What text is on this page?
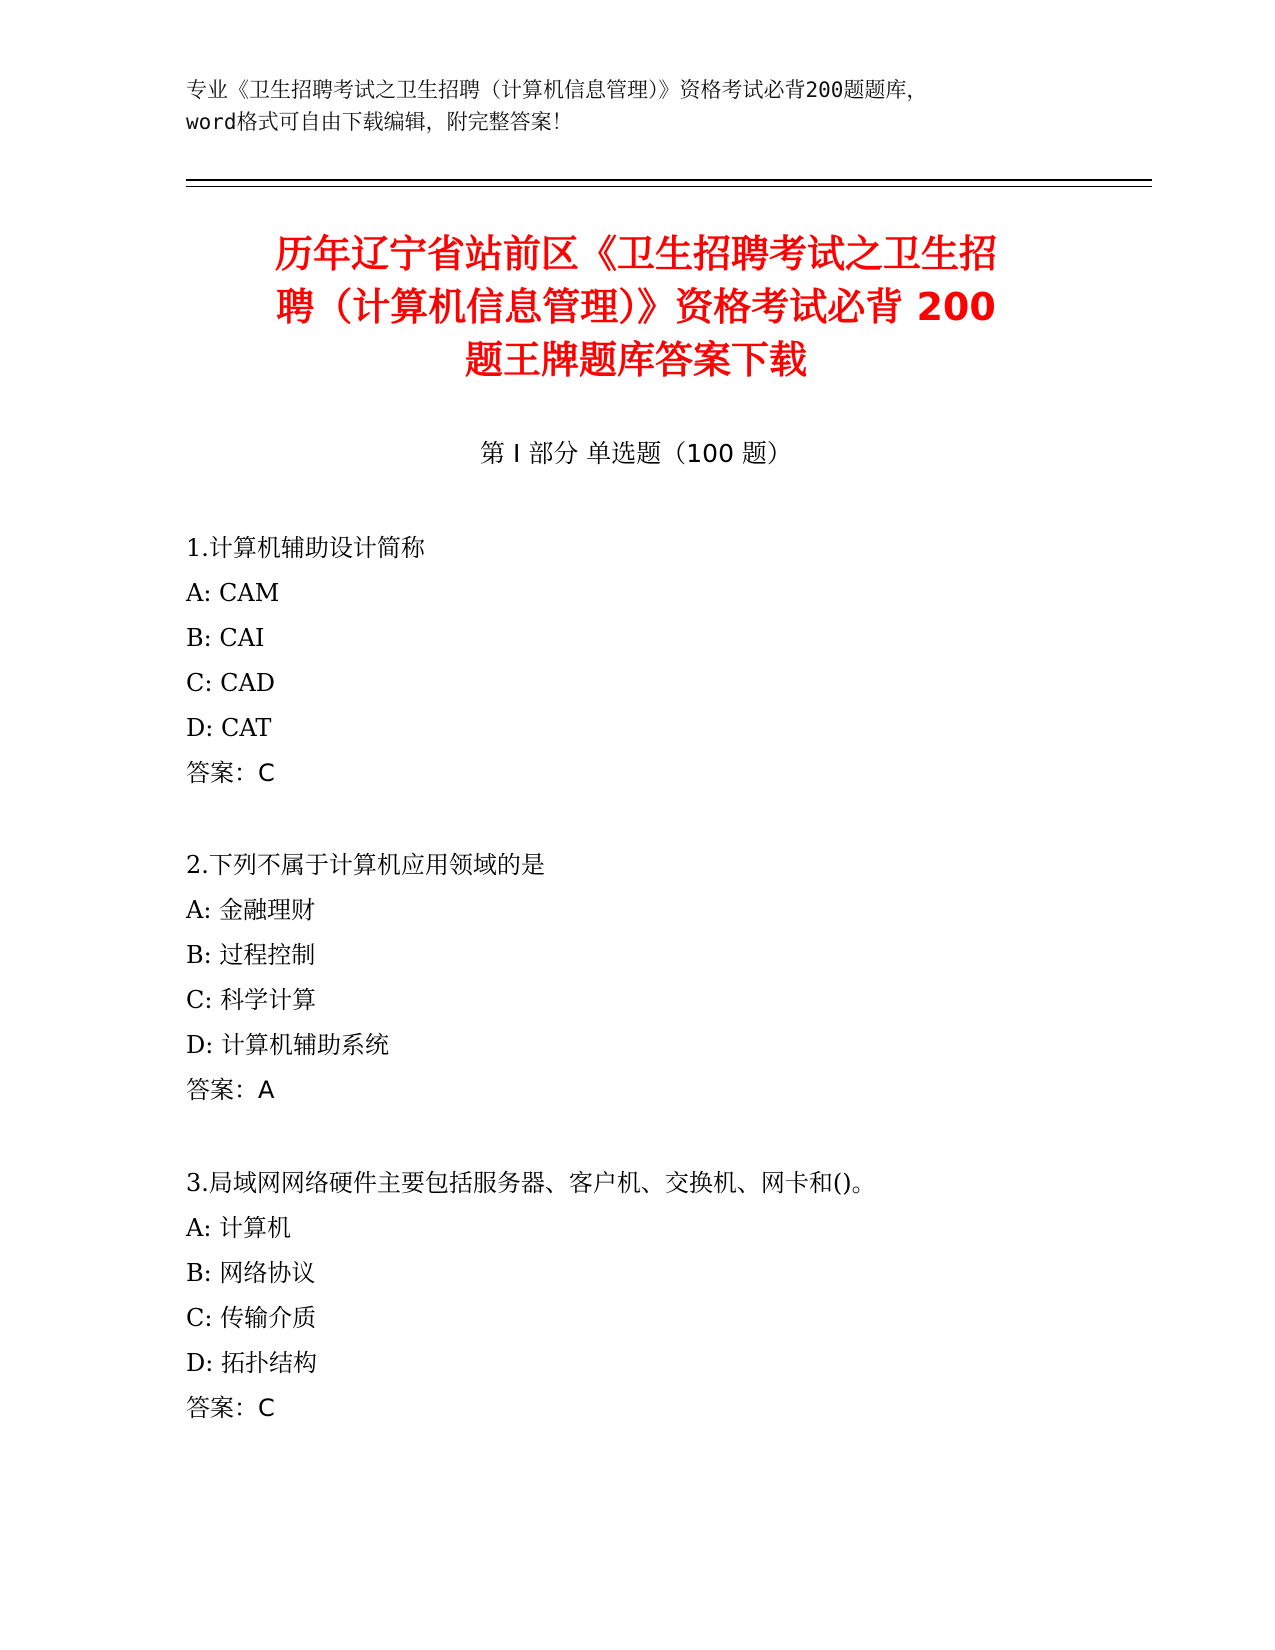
专业《卫生招聘考试之卫生招聘（计算机信息管理）》资格考试必背200题题库，
word格式可自由下载编辑，附完整答案！
历年辽宁省站前区《卫生招聘考试之卫生招
聘（计算机信息管理）》资格考试必背 200
题王牌题库答案下载
第 I 部分 单选题（100 题）
1.计算机辅助设计简称
A: CAM
B: CAI
C: CAD
D: CAT
答案：C
2.下列不属于计算机应用领域的是
A: 金融理财
B: 过程控制
C: 科学计算
D: 计算机辅助系统
答案：A
3.局域网网络硬件主要包括服务器、客户机、交换机、网卡和()。
A: 计算机
B: 网络协议
C: 传输介质
D: 拓扑结构
答案：C
